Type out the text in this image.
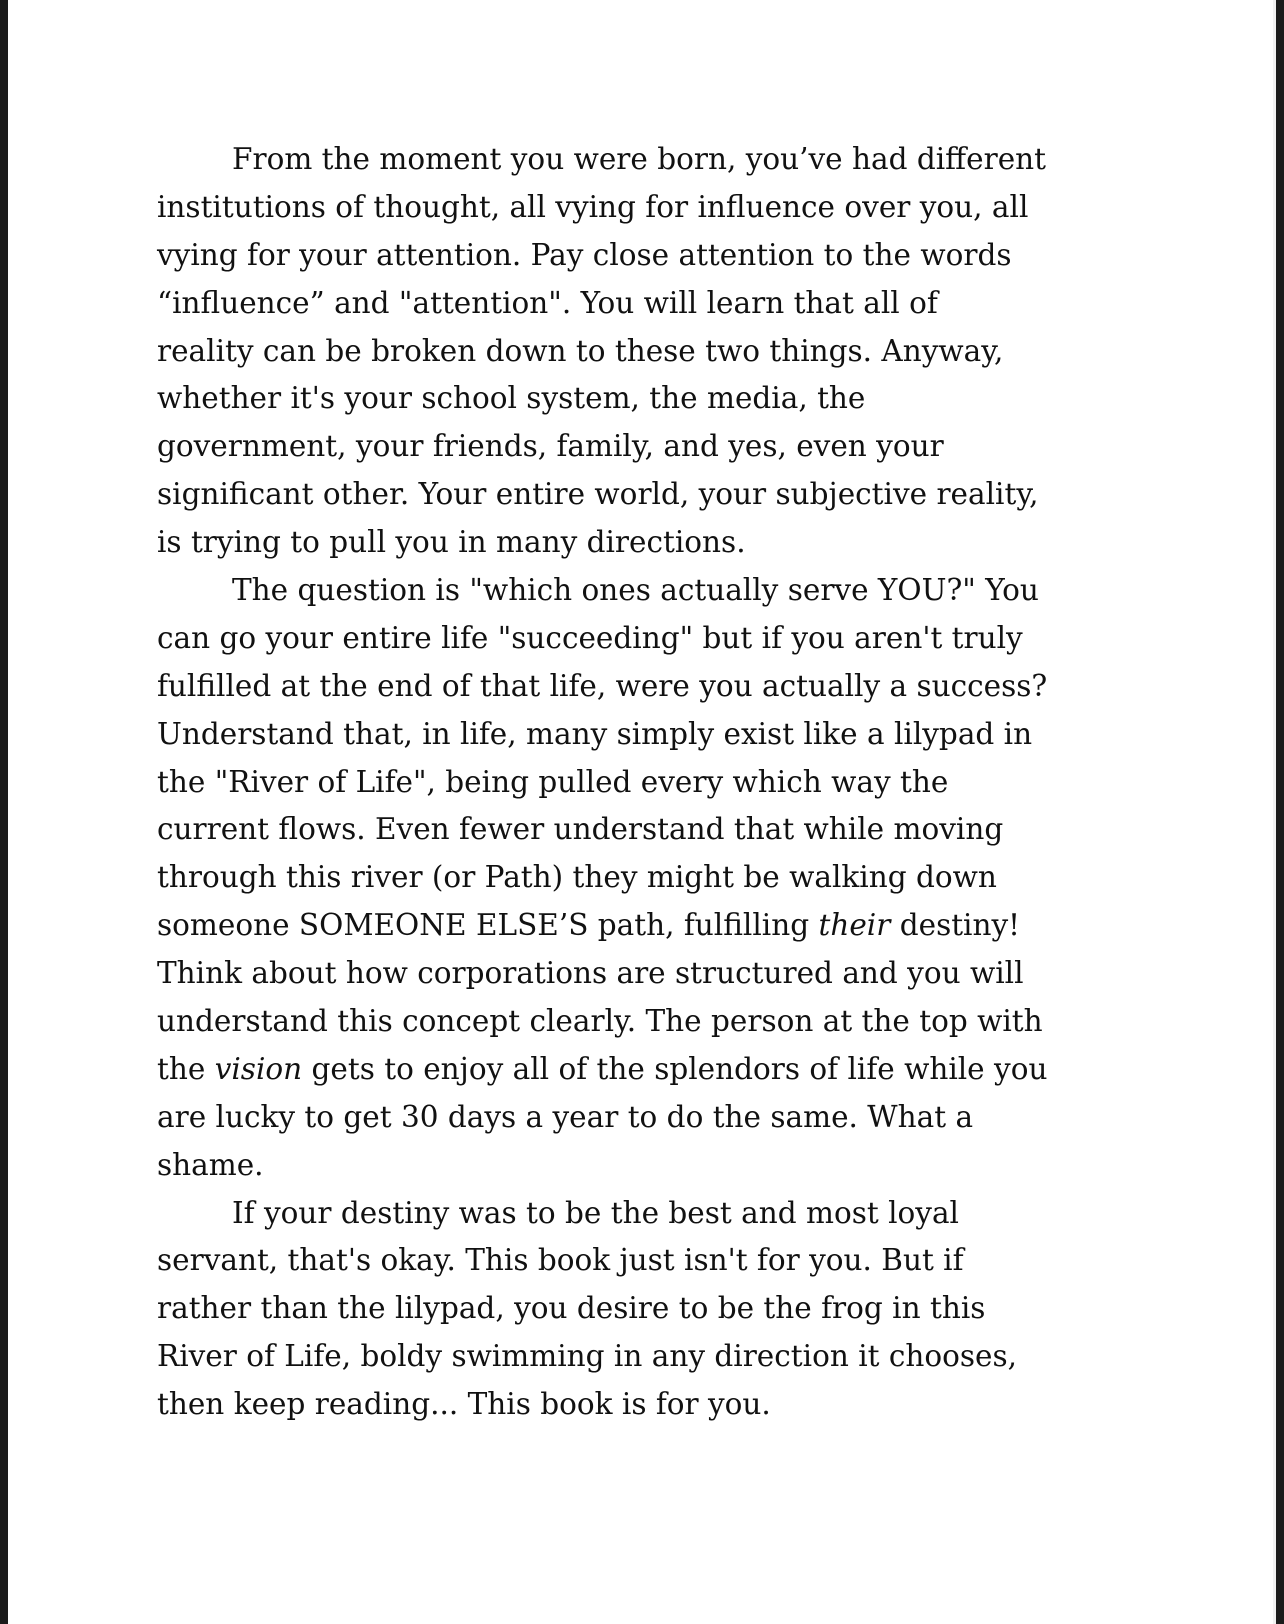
From the moment you were born, you’ve had different
institutions of thought, all vying for influence over you, all
vying for your attention. Pay close attention to the words
“influence” and "attention". You will learn that all of
reality can be broken down to these two things. Anyway,
whether it's your school system, the media, the
government, your friends, family, and yes, even your
significant other. Your entire world, your subjective reality,
is trying to pull you in many directions.
The question is "which ones actually serve YOU?" You
can go your entire life "succeeding" but if you aren't truly
fulfilled at the end of that life, were you actually a success?
Understand that, in life, many simply exist like a lilypad in
the "River of Life", being pulled every which way the
current flows. Even fewer understand that while moving
through this river (or Path) they might be walking down
someone SOMEONE ELSE’S path, fulfilling their destiny!
Think about how corporations are structured and you will
understand this concept clearly. The person at the top with
the vision gets to enjoy all of the splendors of life while you
are lucky to get 30 days a year to do the same. What a
shame.
If your destiny was to be the best and most loyal
servant, that's okay. This book just isn't for you. But if
rather than the lilypad, you desire to be the frog in this
River of Life, boldy swimming in any direction it chooses,
then keep reading... This book is for you.
